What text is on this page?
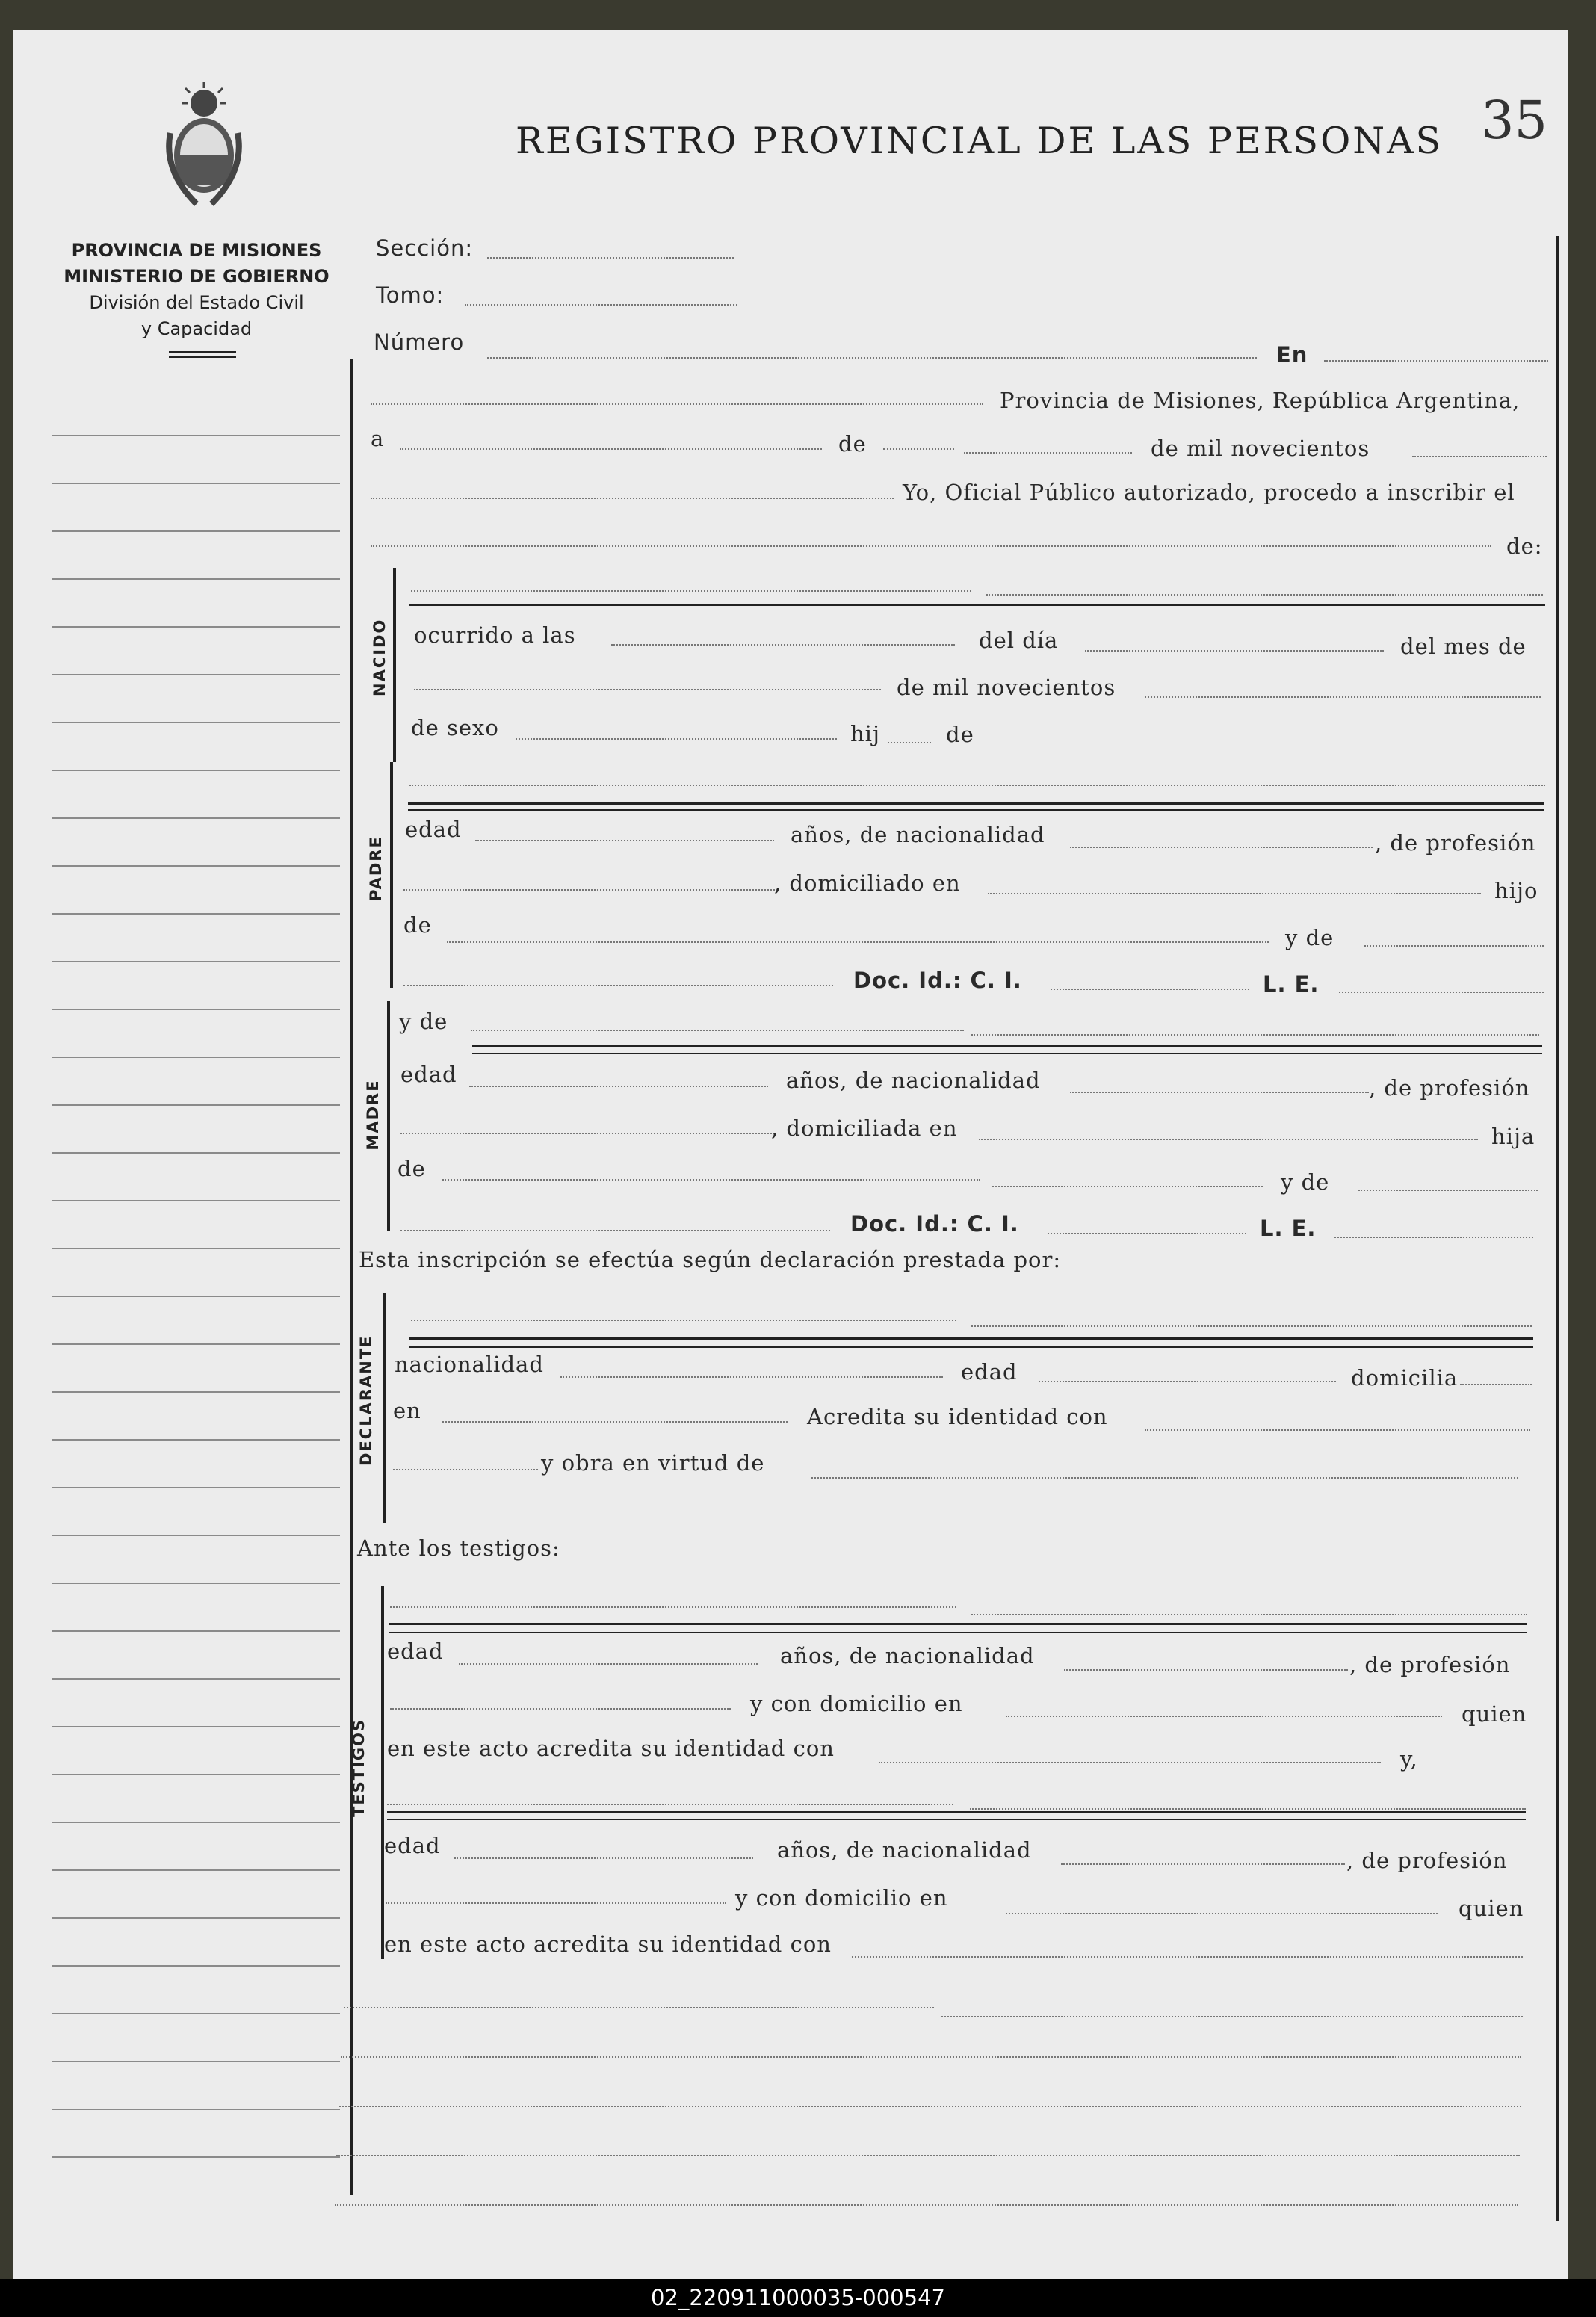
REGISTRO PROVINCIAL DE LAS PERSONAS 35
PROVINCIA DE MISIONES
MINISTERIO DE GOBIERNO
División del Estado Civil
y Capacidad
Sección:
Tomo:
Número	En
Provincia de Misiones, República Argentina,
a	de	de mil novecientos
Yo, Oficial Público autorizado, procedo a inscribir el
de:
NACIDO ocurrido a las	del día	del mes de
de mil novecientos
de sexo	hij	de
PADRE
edad	años, de nacionalidad	, de profesión
, domiciliado en	hijo
de	y de
Doc. Id.: C. I.	L. E.
y de
MADRE
edad	años, de nacionalidad	, de profesión
, domiciliada en	hija
de
y de
Doc. Id.: C. I.	L. E.
Esta inscripción se efectúa según declaración prestada por:
DECLARANTE nacionalidad	edad	domicilia
en	Acredita su identidad con
y obra en virtud de
Ante los testigos:
TESTIGOS
edad	años, de nacionalidad	, de profesión
y con domicilio en	quien
en este acto acredita su identidad con	y,
edad	años, de nacionalidad	, de profesión
y con domicilio en	quien
en este acto acredita su identidad con
02_220911000035-000547
